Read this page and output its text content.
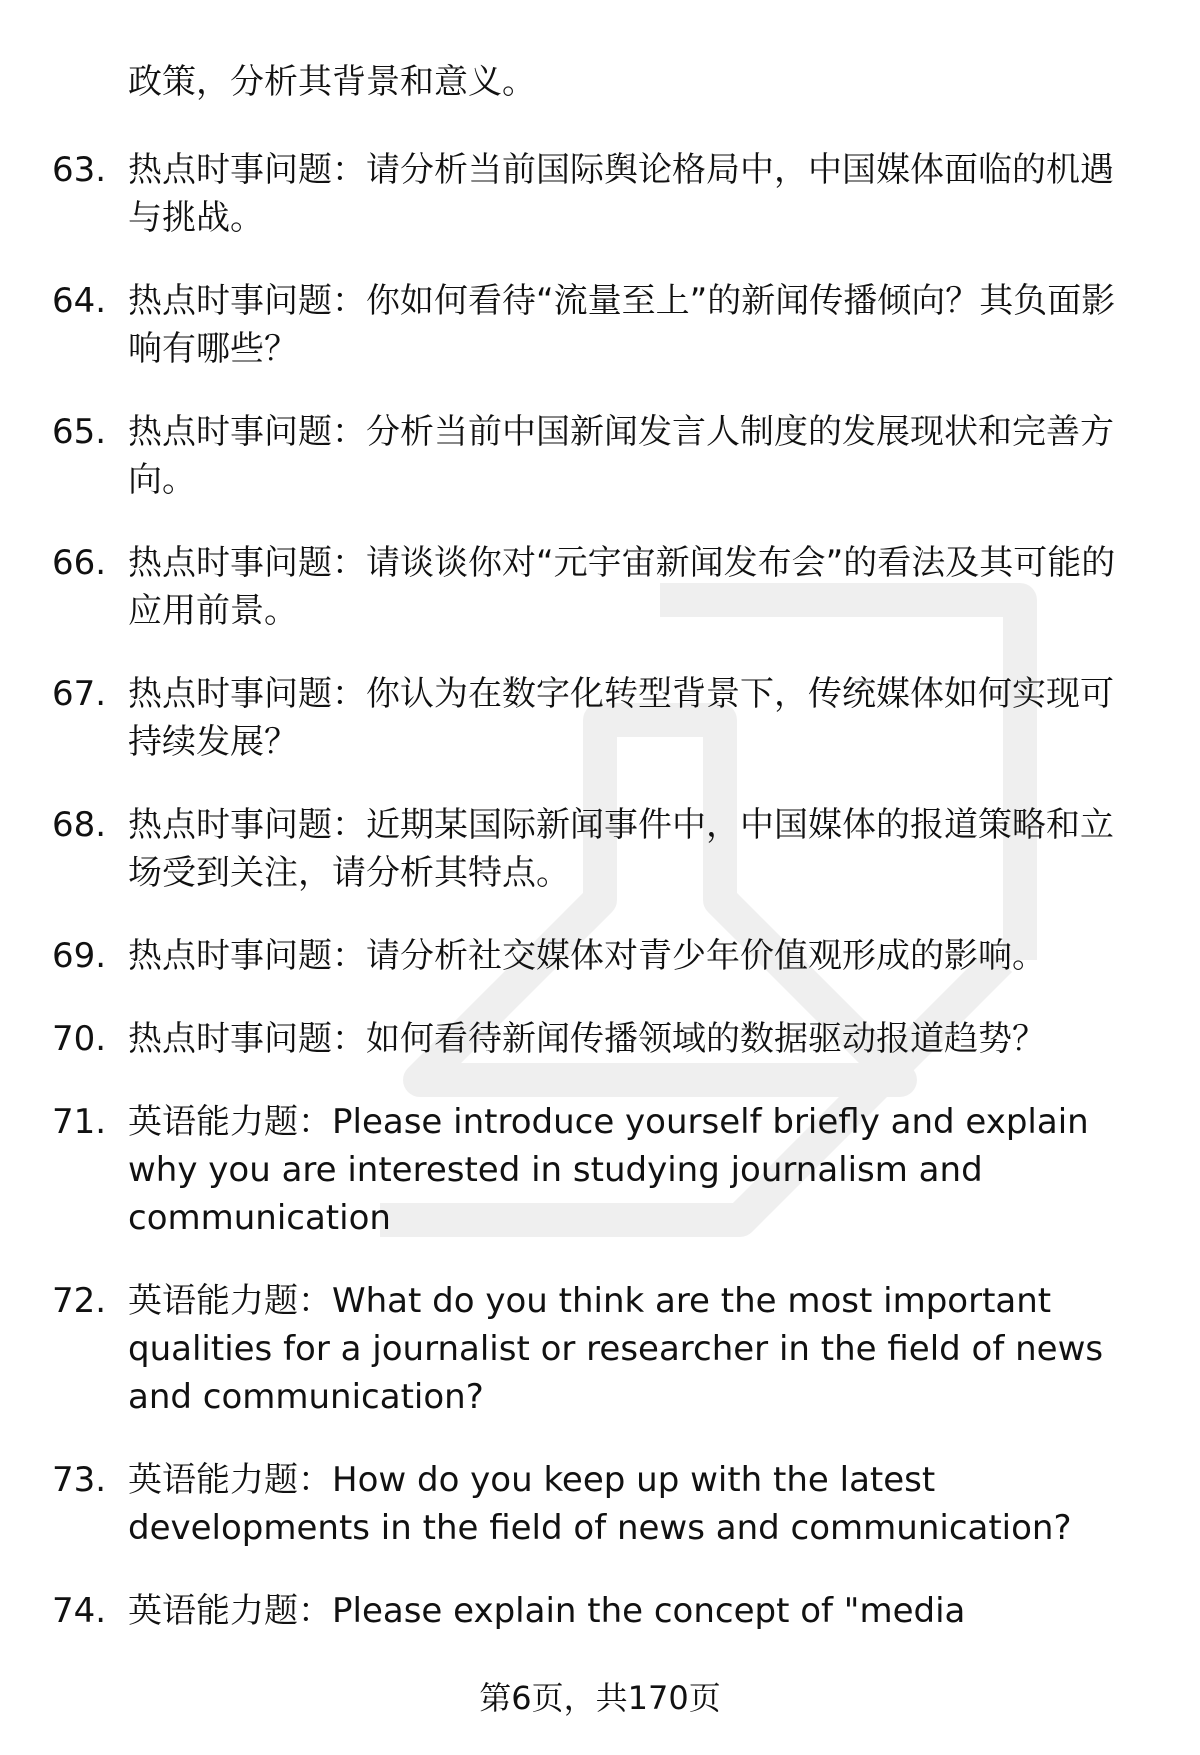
政策，分析其背景和意义。
63. 热点时事问题：请分析当前国际舆论格局中，中国媒体面临的机遇与挑战。
64. 热点时事问题：你如何看待“流量至上”的新闻传播倾向？其负面影响有哪些？
65. 热点时事问题：分析当前中国新闻发言人制度的发展现状和完善方向。
66. 热点时事问题：请谈谈你对“元宇宙新闻发布会”的看法及其可能的应用前景。
67. 热点时事问题：你认为在数字化转型背景下，传统媒体如何实现可持续发展？
68. 热点时事问题：近期某国际新闻事件中，中国媒体的报道策略和立场受到关注，请分析其特点。
69. 热点时事问题：请分析社交媒体对青少年价值观形成的影响。
70. 热点时事问题：如何看待新闻传播领域的数据驱动报道趋势？
71. 英语能力题：Please introduce yourself briefly and explain why you are interested in studying journalism and communication
72. 英语能力题：What do you think are the most important qualities for a journalist or researcher in the field of news and communication?
73. 英语能力题：How do you keep up with the latest developments in the field of news and communication?
74. 英语能力题：Please explain the concept of "media
第6页，共170页
